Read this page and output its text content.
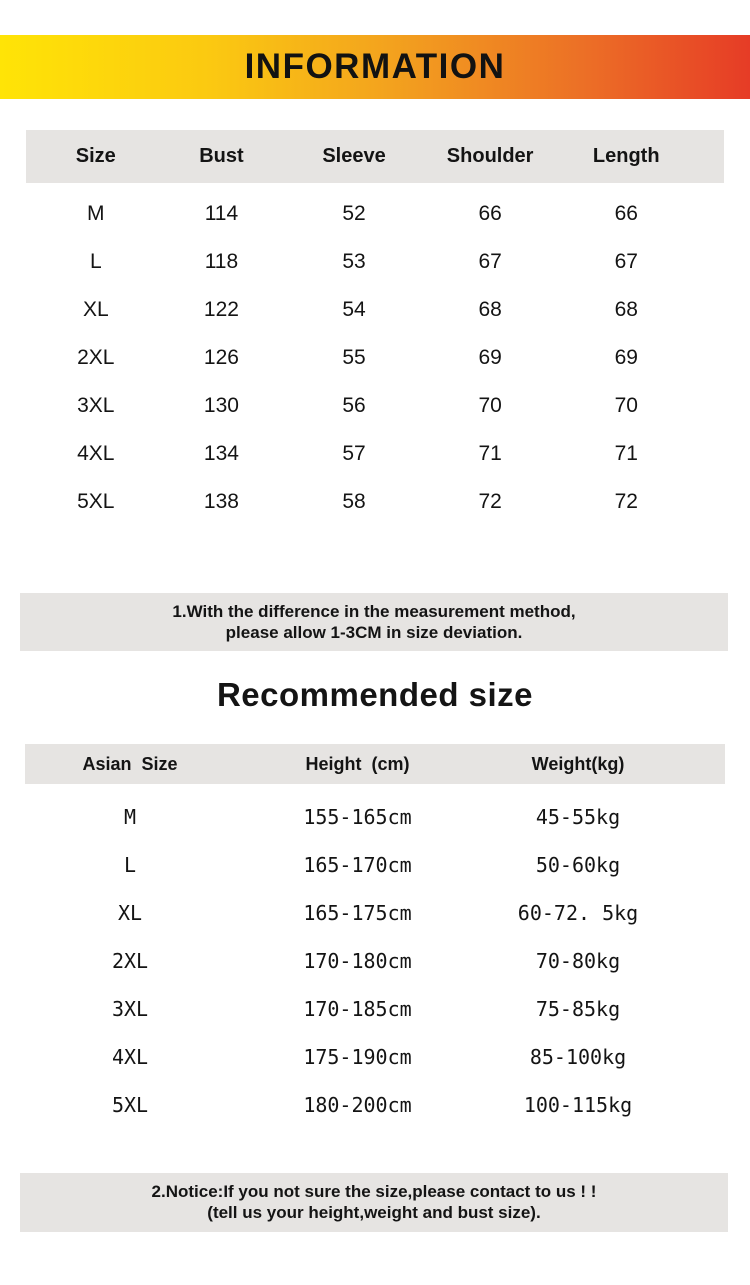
INFORMATION
Size	Bust	Sleeve	Shoulder	Length
M	114	52	66	66
L	118	53	67	67
XL	122	54	68	68
2XL	126	55	69	69
3XL	130	56	70	70
4XL	134	57	71	71
5XL	138	58	72	72
1.With the difference in the measurement method,
please allow 1-3CM in size deviation.
Recommended size
Asian Size	Height (cm)	Weight(kg)
M	155-165cm	45-55kg
L	165-170cm	50-60kg
XL	165-175cm	60-72. 5kg
2XL	170-180cm	70-80kg
3XL	170-185cm	75-85kg
4XL	175-190cm	85-100kg
5XL	180-200cm	100-115kg
2.Notice:If you not sure the size,please contact to us ! !
(tell us your height,weight and bust size).
